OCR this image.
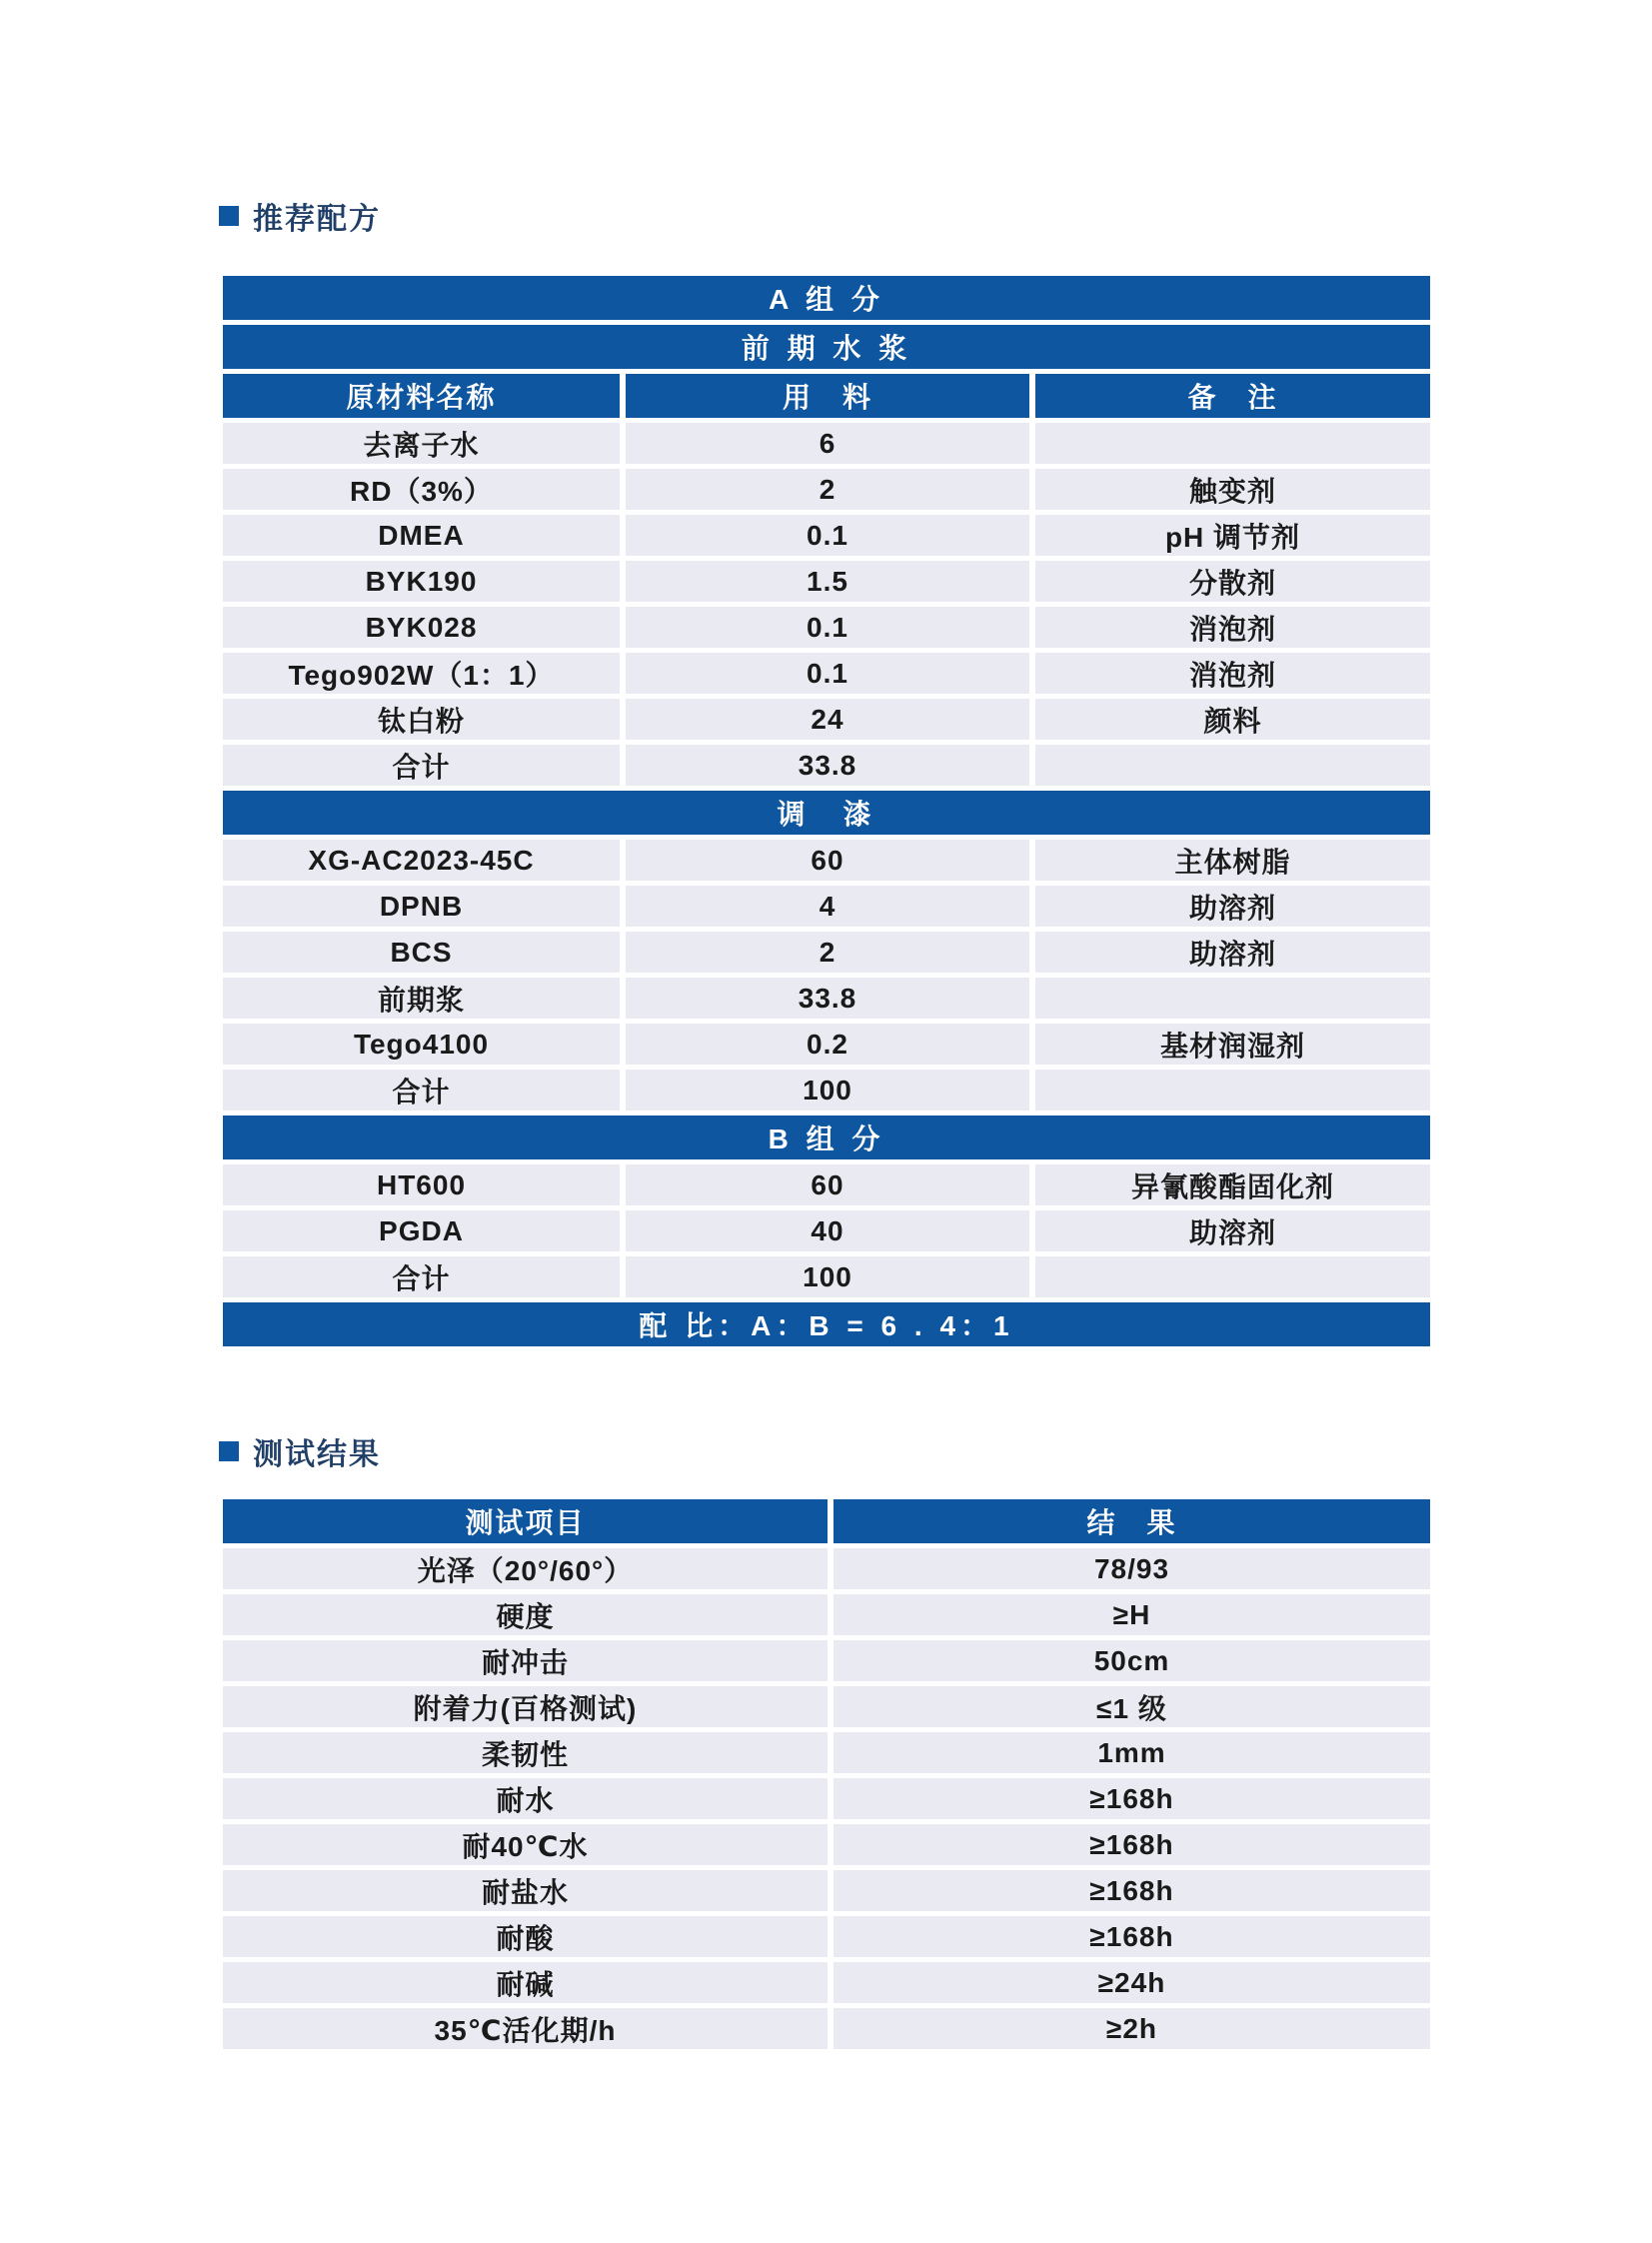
推荐配方
A 组 分
前 期 水 浆
原材料名称	用　料	备　注
去离子水	6
RD（3%）	2	触变剂
DMEA	0.1	pH 调节剂
BYK190	1.5	分散剂
BYK028	0.1	消泡剂
Tego902W（1：1）	0.1	消泡剂
钛白粉	24	颜料
合计	33.8
调　漆
XG-AC2023-45C	60	主体树脂
DPNB	4	助溶剂
BCS	2	助溶剂
前期浆	33.8
Tego4100	0.2	基材润湿剂
合计	100
B 组 分
HT600	60	异氰酸酯固化剂
PGDA	40	助溶剂
合计	100
配 比：A：B = 6 . 4：1
测试结果
测试项目	结　果
光泽（20°/60°）	78/93
硬度	≥H
耐冲击	50cm
附着力(百格测试)	≤1 级
柔韧性	1mm
耐水	≥168h
耐40℃水	≥168h
耐盐水	≥168h
耐酸	≥168h
耐碱	≥24h
35℃活化期/h	≥2h
